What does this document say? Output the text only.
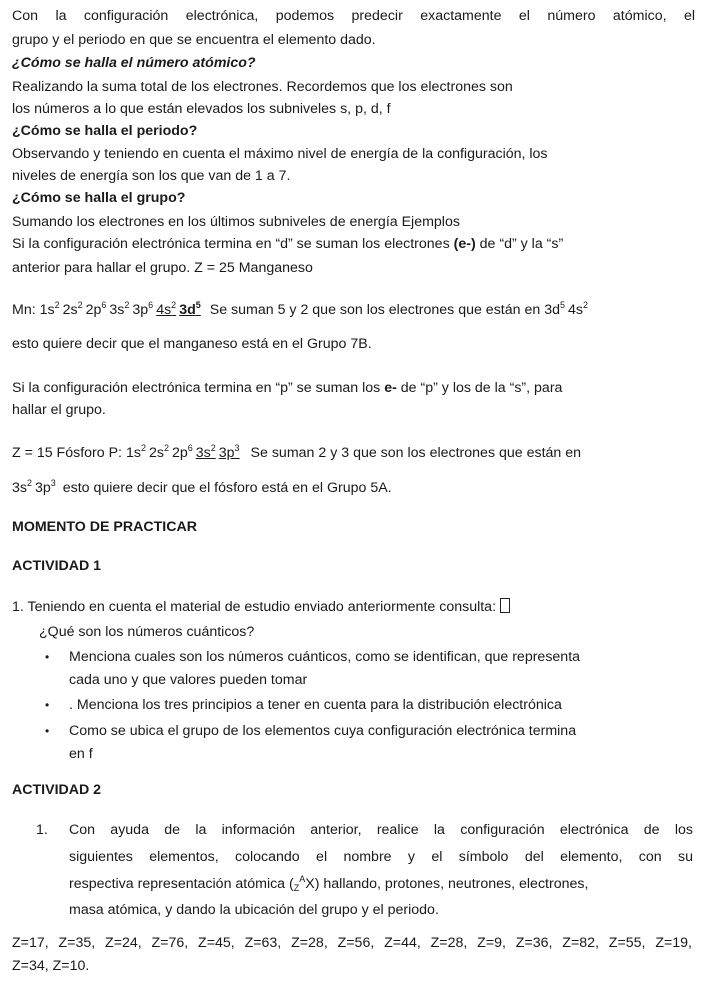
Con la configuración electrónica, podemos predecir exactamente el número atómico, el
grupo y el periodo en que se encuentra el elemento dado.
¿Cómo se halla el número atómico?
Realizando la suma total de los electrones. Recordemos que los electrones son
los números a lo que están elevados los subniveles s, p, d, f
¿Cómo se halla el periodo?
Observando y teniendo en cuenta el máximo nivel de energía de la configuración, los
niveles de energía son los que van de 1 a 7.
¿Cómo se halla el grupo?
Sumando los electrones en los últimos subniveles de energía Ejemplos
Si la configuración electrónica termina en “d” se suman los electrones (e-) de “d” y la “s”
anterior para hallar el grupo. Z = 25 Manganeso
Mn: $1s^2$ $2s^2$ $2p^6$ $3s^2$ $3p^6$ $4s^2$ $3d^5$ Se suman 5 y 2 que son los electrones que están en $3d^5$ $4s^2$
esto quiere decir que el manganeso está en el Grupo 7B.
Si la configuración electrónica termina en “p” se suman los e- de “p” y los de la “s”, para
hallar el grupo.
Z = 15 Fósforo P: $1s^2$ $2s^2$ $2p^6$ $3s^2$ $3p^3$ Se suman 2 y 3 que son los electrones que están en
$3s^2$ $3p^3$ esto quiere decir que el fósforo está en el Grupo 5A.
MOMENTO DE PRACTICAR
ACTIVIDAD 1
1. Teniendo en cuenta el material de estudio enviado anteriormente consulta:
¿Qué son los números cuánticos?
• Menciona cuales son los números cuánticos, como se identifican, que representa
cada uno y que valores pueden tomar
• . Menciona los tres principios a tener en cuenta para la distribución electrónica
• Como se ubica el grupo de los elementos cuya configuración electrónica termina
en f
ACTIVIDAD 2
1. Con ayuda de la información anterior, realice la configuración electrónica de los
siguientes elementos, colocando el nombre y el símbolo del elemento, con su
respectiva representación atómica $(_Z^AX)$ hallando, protones, neutrones, electrones,
masa atómica, y dando la ubicación del grupo y el periodo.
Z=17, Z=35, Z=24, Z=76, Z=45, Z=63, Z=28, Z=56, Z=44, Z=28, Z=9, Z=36, Z=82, Z=55, Z=19,
Z=34, Z=10.
